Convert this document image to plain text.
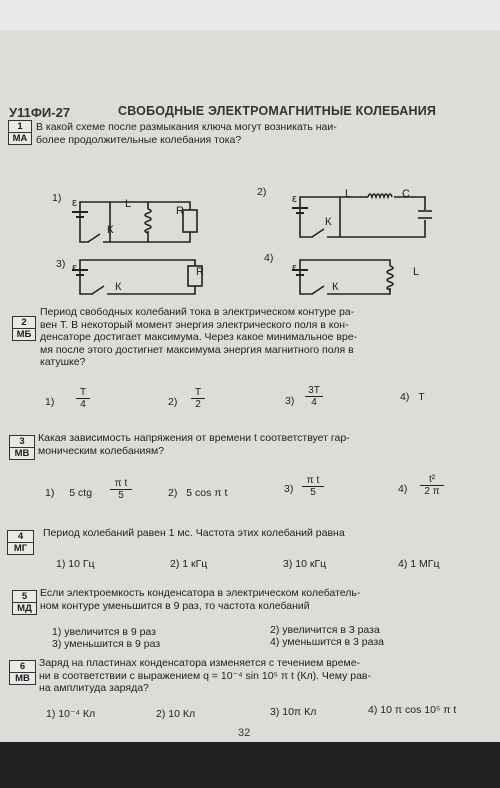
У11ФИ-27	СВОБОДНЫЕ ЭЛЕКТРОМАГНИТНЫЕ КОЛЕБАНИЯ
1
МА
В какой схеме после размыкания ключа могут возникать наи-
более продолжительные колебания тока?
1)	2)
3)	4)
ε	L
R
К
ε	L	C
К
ε	R
К
ε	L
К
2
МБ
Период свободных колебаний тока в электрическом контуре ра-
вен Т. В некоторый момент энергия электрического поля в кон-
денсаторе достигает максимума. Через какое минимальное вре-
мя после этого достигнет максимума энергия магнитного поля в
катушке?
$1) \frac{T}{4}$	$2) \frac{T}{2}$	$3) \frac{3T}{4}$	4) T
3
МВ
Какая зависимость напряжения от времени t соответствует гар-
моническим колебаниям?
1) 5 ctg $\frac{\text{π t}}{5}$	2) 5 cos π t	$3) \frac{\text{π t}}{5}$	$4) \frac{\text{t²}}{2 \pi}$
4
МГ
Период колебаний равен 1 мс. Частота этих колебаний равна
1) 10 Гц	2) 1 кГц	3) 10 кГц	4) 1 МГц
5
МД
Если электроемкость конденсатора в электрическом колебатель-
ном контуре уменьшится в 9 раз, то частота колебаний
1) увеличится в 9 раз	2) увеличится в 3 раза
3) уменьшится в 9 раз	4) уменьшится в 3 раза
6
МВ
Заряд на пластинах конденсатора изменяется с течением време-
ни в соответствии с выражением q = 10⁻⁴ sin 10⁵ π t (Кл). Чему рав-
на амплитуда заряда?
1) 10⁻⁴ Кл	2) 10 Кл	3) 10π Кл	4) 10 π cos 10⁵ π t
32
